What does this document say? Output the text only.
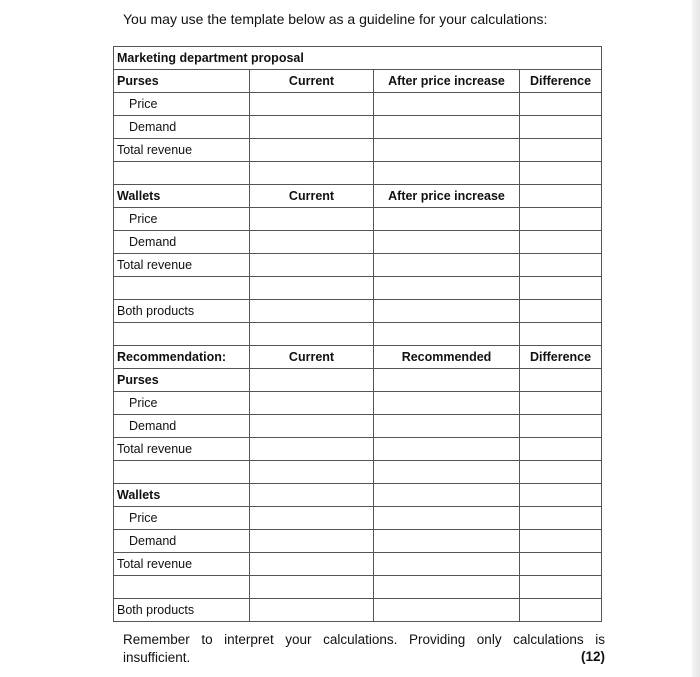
You may use the template below as a guideline for your calculations:
Marketing department proposal			
Purses	Current	After price increase	Difference
Price			
Demand			
Total revenue			

Wallets	Current	After price increase	
Price			
Demand			
Total revenue			

Both products			

Recommendation:	Current	Recommended	Difference
Purses			
Price			
Demand			
Total revenue			

Wallets			
Price			
Demand			
Total revenue			

Both products			
Remember to interpret your calculations. Providing only calculations is insufficient.	(12)
